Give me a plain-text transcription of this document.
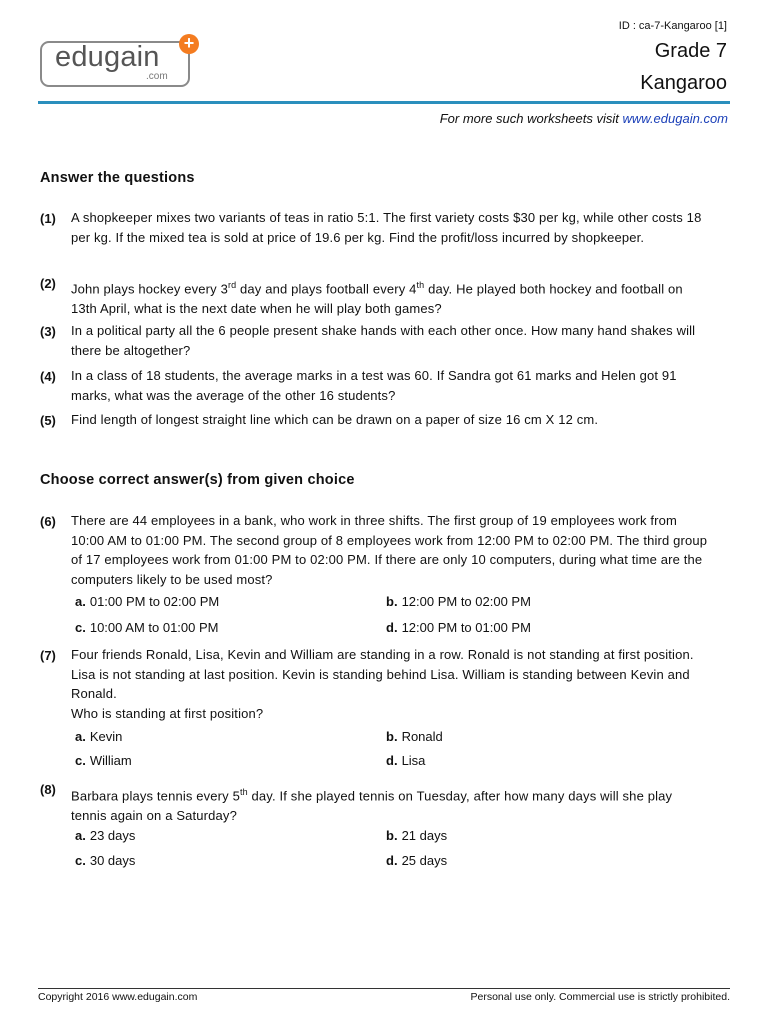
edugain
.com
+
ID : ca-7-Kangaroo [1]
Grade 7
Kangaroo
For more such worksheets visit www.edugain.com
Answer the questions
(1) A shopkeeper mixes two variants of teas in ratio 5:1. The first variety costs $30 per kg, while other costs 18 per kg. If the mixed tea is sold at price of 19.6 per kg. Find the profit/loss incurred by shopkeeper.
(2) John plays hockey every 3rd day and plays football every 4th day. He played both hockey and football on 13th April, what is the next date when he will play both games?
(3) In a political party all the 6 people present shake hands with each other once. How many hand shakes will there be altogether?
(4) In a class of 18 students, the average marks in a test was 60. If Sandra got 61 marks and Helen got 91 marks, what was the average of the other 16 students?
(5) Find length of longest straight line which can be drawn on a paper of size 16 cm X 12 cm.
Choose correct answer(s) from given choice
(6) There are 44 employees in a bank, who work in three shifts. The first group of 19 employees work from 10:00 AM to 01:00 PM. The second group of 8 employees work from 12:00 PM to 02:00 PM. The third group of 17 employees work from 01:00 PM to 02:00 PM. If there are only 10 computers, during what time are the computers likely to be used most?
a. 01:00 PM to 02:00 PM	b. 12:00 PM to 02:00 PM
c. 10:00 AM to 01:00 PM	d. 12:00 PM to 01:00 PM
(7) Four friends Ronald, Lisa, Kevin and William are standing in a row. Ronald is not standing at first position. Lisa is not standing at last position. Kevin is standing behind Lisa. William is standing between Kevin and Ronald.
Who is standing at first position?
a. Kevin	b. Ronald
c. William	d. Lisa
(8) Barbara plays tennis every 5th day. If she played tennis on Tuesday, after how many days will she play tennis again on a Saturday?
a. 23 days	b. 21 days
c. 30 days	d. 25 days
Copyright 2016 www.edugain.com	Personal use only. Commercial use is strictly prohibited.
